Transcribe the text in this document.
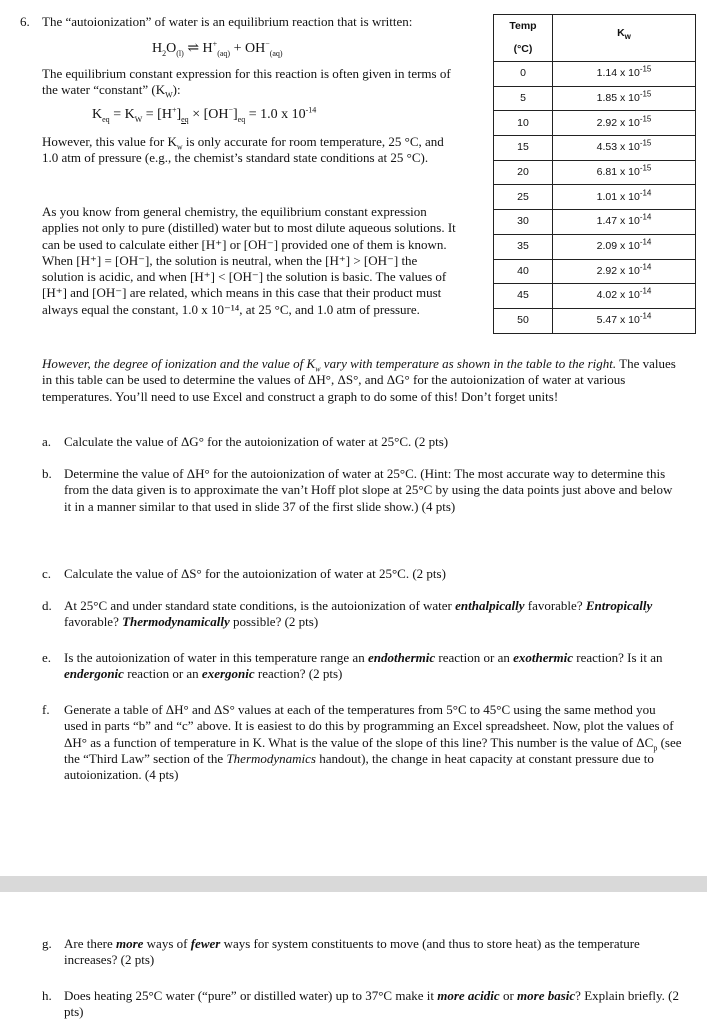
6. The “autoionization” of water is an equilibrium reaction that is written:
$H_2O_{(l)}$ ⇌ $H^+_{(aq)} + OH^-_{(aq)}$
The equilibrium constant expression for this reaction is often given in terms of the water “constant” $(K_W)$:
$K_{eq} = K_W = [H^+]_{eq} \times [OH^-]_{eq} = 1.0$ x $10^{-14}$
However, this value for $K_w$ is only accurate for room temperature, 25 °C, and 1.0 atm of pressure (e.g., the chemist’s standard state conditions at 25 °C).
As you know from general chemistry, the equilibrium constant expression applies not only to pure (distilled) water but to most dilute aqueous solutions. It can be used to calculate either [H⁺] or [OH⁻] provided one of them is known. When [H⁺] = [OH⁻], the solution is neutral, when the [H⁺] > [OH⁻] the solution is acidic, and when [H⁺] < [OH⁻] the solution is basic. The values of [H⁺] and [OH⁻] are related, which means in this case that their product must always equal the constant, 1.0 x 10⁻¹⁴, at 25 °C, and 1.0 atm of pressure.
However, the degree of ionization and the value of $K_w$ vary with temperature as shown in the table to the right. The values in this table can be used to determine the values of ΔH°, ΔS°, and ΔG° for the autoionization of water at various temperatures. You’ll need to use Excel and construct a graph to do some of this! Don’t forget units!
Temp
(°C)	$K_w$
0	1.14 x $10^{-15}$
5	1.85 x $10^{-15}$
10	2.92 x $10^{-15}$
15	4.53 x $10^{-15}$
20	6.81 x $10^{-15}$
25	1.01 x $10^{-14}$
30	1.47 x $10^{-14}$
35	2.09 x $10^{-14}$
40	2.92 x $10^{-14}$
45	4.02 x $10^{-14}$
50	5.47 x $10^{-14}$
a. Calculate the value of ΔG° for the autoionization of water at 25°C. (2 pts)
b. Determine the value of ΔH° for the autoionization of water at 25°C. (Hint: The most accurate way to determine this from the data given is to approximate the van’t Hoff plot slope at 25°C by using the data points just above and below it in a manner similar to that used in slide 37 of the first slide show.) (4 pts)
c. Calculate the value of ΔS° for the autoionization of water at 25°C. (2 pts)
d. At 25°C and under standard state conditions, is the autoionization of water enthalpically favorable? Entropically favorable? Thermodynamically possible? (2 pts)
e. Is the autoionization of water in this temperature range an endothermic reaction or an exothermic reaction? Is it an endergonic reaction or an exergonic reaction? (2 pts)
f. Generate a table of ΔH° and ΔS° values at each of the temperatures from 5°C to 45°C using the same method you used in parts “b” and “c” above. It is easiest to do this by programming an Excel spreadsheet. Now, plot the values of ΔH° as a function of temperature in K. What is the value of the slope of this line? This number is the value of $\Delta C_p$ (see the “Third Law” section of the Thermodynamics handout), the change in heat capacity at constant pressure due to autoionization. (4 pts)
g. Are there more ways of fewer ways for system constituents to move (and thus to store heat) as the temperature increases? (2 pts)
h. Does heating 25°C water (“pure” or distilled water) up to 37°C make it more acidic or more basic? Explain briefly. (2 pts)
